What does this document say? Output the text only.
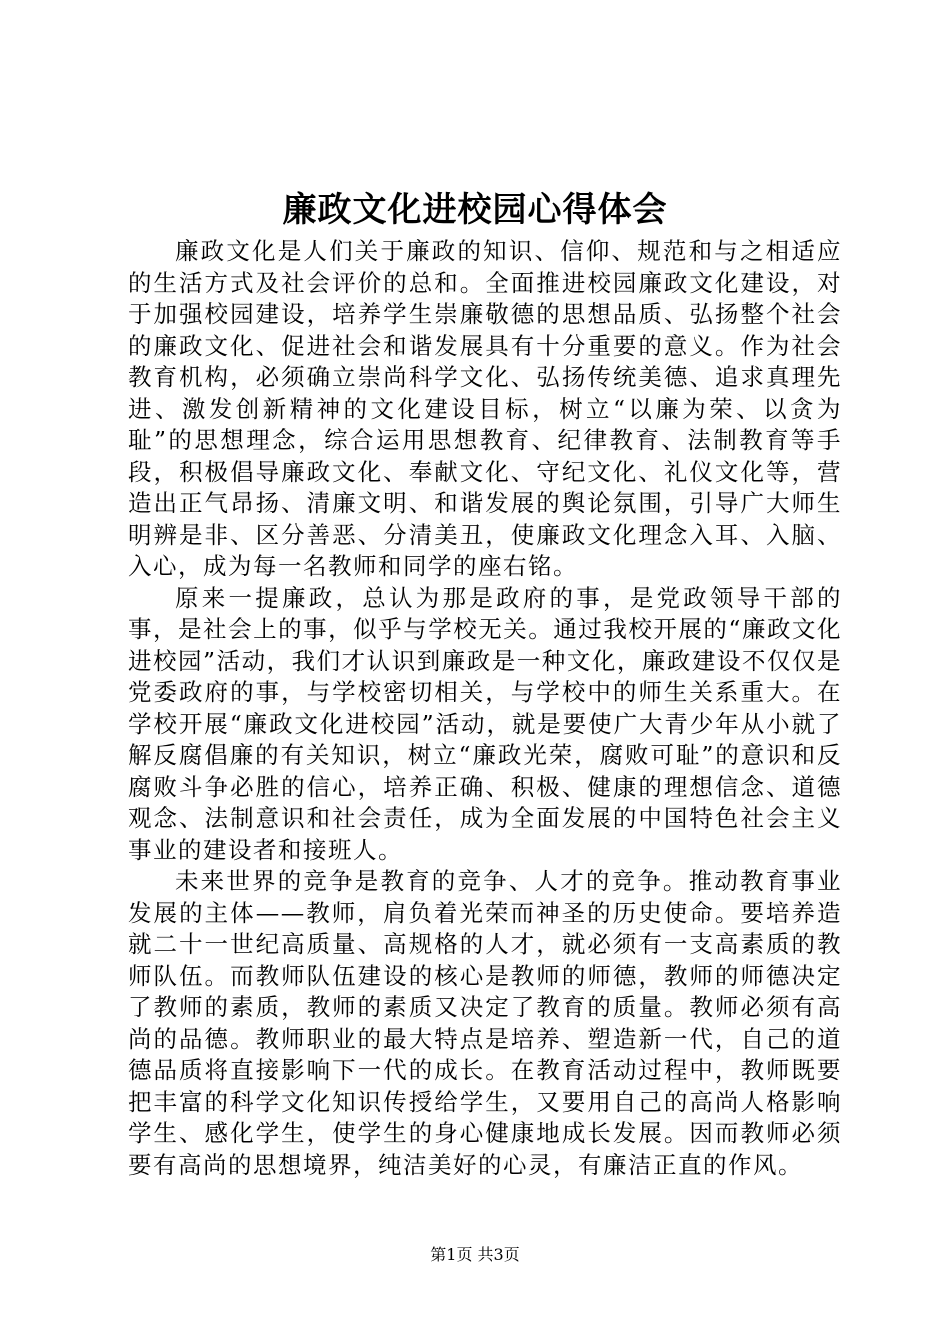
廉政文化进校园心得体会

廉政文化是人们关于廉政的知识、信仰、规范和与之相适应的生活方式及社会评价的总和。全面推进校园廉政文化建设，对于加强校园建设，培养学生崇廉敬德的思想品质、弘扬整个社会的廉政文化、促进社会和谐发展具有十分重要的意义。作为社会教育机构，必须确立崇尚科学文化、弘扬传统美德、追求真理先进、激发创新精神的文化建设目标，树立“以廉为荣、以贪为耻”的思想理念，综合运用思想教育、纪律教育、法制教育等手段，积极倡导廉政文化、奉献文化、守纪文化、礼仪文化等，营造出正气昂扬、清廉文明、和谐发展的舆论氛围，引导广大师生明辨是非、区分善恶、分清美丑，使廉政文化理念入耳、入脑、入心，成为每一名教师和同学的座右铭。

原来一提廉政，总认为那是政府的事，是党政领导干部的事，是社会上的事，似乎与学校无关。通过我校开展的“廉政文化进校园”活动，我们才认识到廉政是一种文化，廉政建设不仅仅是党委政府的事，与学校密切相关，与学校中的师生关系重大。在学校开展“廉政文化进校园”活动，就是要使广大青少年从小就了解反腐倡廉的有关知识，树立“廉政光荣，腐败可耻”的意识和反腐败斗争必胜的信心，培养正确、积极、健康的理想信念、道德观念、法制意识和社会责任，成为全面发展的中国特色社会主义事业的建设者和接班人。

未来世界的竞争是教育的竞争、人才的竞争。推动教育事业发展的主体——教师，肩负着光荣而神圣的历史使命。要培养造就二十一世纪高质量、高规格的人才，就必须有一支高素质的教师队伍。而教师队伍建设的核心是教师的师德，教师的师德决定了教师的素质，教师的素质又决定了教育的质量。教师必须有高尚的品德。教师职业的最大特点是培养、塑造新一代，自己的道德品质将直接影响下一代的成长。在教育活动过程中，教师既要把丰富的科学文化知识传授给学生，又要用自己的高尚人格影响学生、感化学生，使学生的身心健康地成长发展。因而教师必须要有高尚的思想境界，纯洁美好的心灵，有廉洁正直的作风。

第1页 共3页
